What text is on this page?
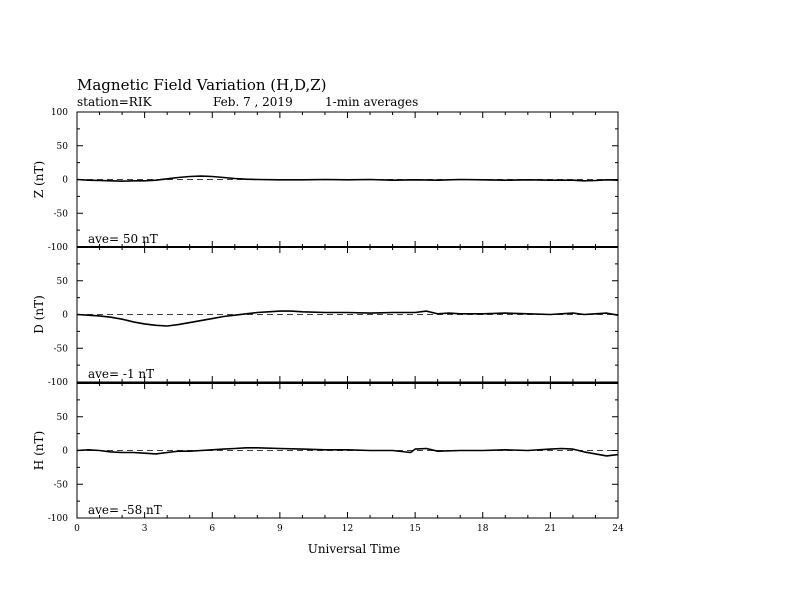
Magnetic Field Variation (H,D,Z)
station=RIK	Feb. 7 , 2019	1-min averages
100
50
0
-50
-100
Z (nT)
ave= 50 nT
50
0
-50
-100
D (nT)
ave= -1 nT
50
0
-50
-100
H (nT)
ave= -58 nT
0	3	6	9	12	15	18	21	24
Universal Time
